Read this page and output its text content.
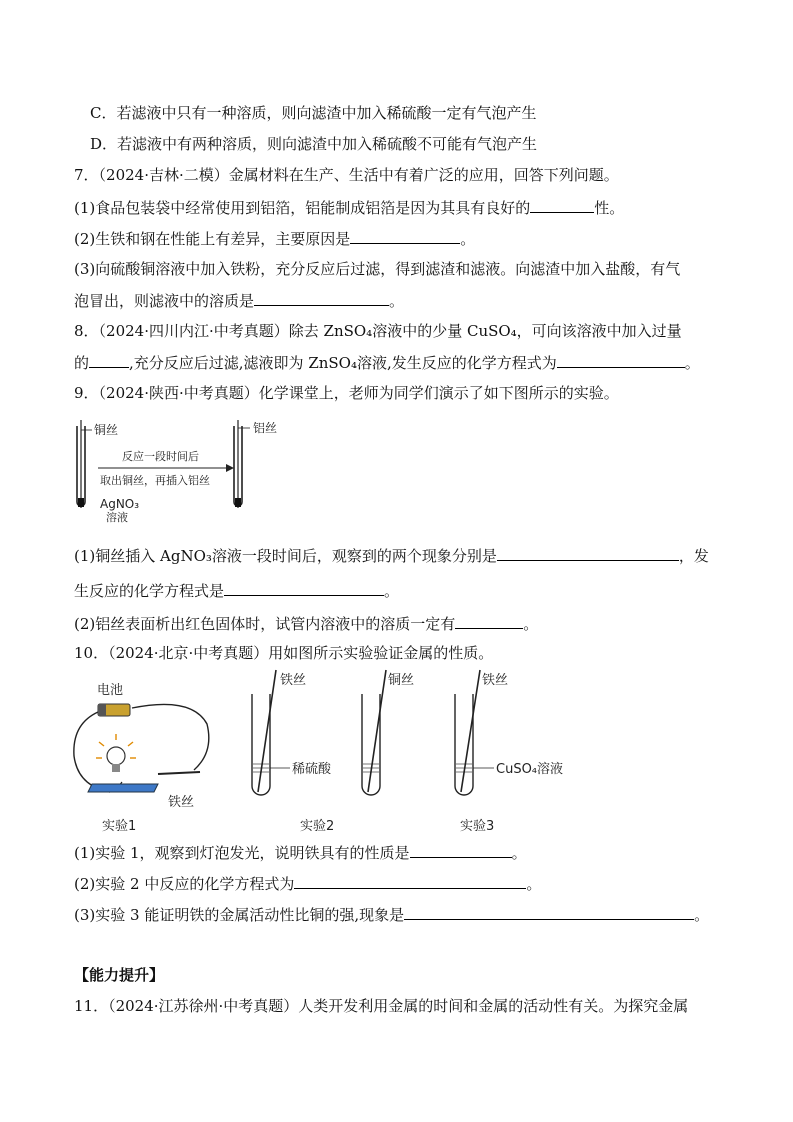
C．若滤液中只有一种溶质，则向滤渣中加入稀硫酸一定有气泡产生
D．若滤液中有两种溶质，则向滤渣中加入稀硫酸不可能有气泡产生
7．（2024·吉林·二模）金属材料在生产、生活中有着广泛的应用，回答下列问题。
(1)食品包装袋中经常使用到铝箔，铝能制成铝箔是因为其具有良好的	性。
(2)生铁和钢在性能上有差异，主要原因是	。
(3)向硫酸铜溶液中加入铁粉，充分反应后过滤，得到滤渣和滤液。向滤渣中加入盐酸，有气
泡冒出，则滤液中的溶质是	。
8．（2024·四川内江·中考真题）除去 ZnSO₄溶液中的少量 CuSO₄，可向该溶液中加入过量
的	,充分反应后过滤,滤液即为 ZnSO₄溶液,发生反应的化学方程式为	。
9．（2024·陕西·中考真题）化学课堂上，老师为同学们演示了如下图所示的实验。
铜丝
AgNO₃
溶液
反应一段时间后
取出铜丝，再插入铝丝
铝丝
(1)铜丝插入 AgNO₃溶液一段时间后，观察到的两个现象分别是	，发
生反应的化学方程式是	。
(2)铝丝表面析出红色固体时，试管内溶液中的溶质一定有	。
10．（2024·北京·中考真题）用如图所示实验验证金属的性质。
电池
铁丝
实验1
铁丝
稀硫酸
实验2
铜丝	铁丝
CuSO₄溶液
实验3
(1)实验 1，观察到灯泡发光，说明铁具有的性质是	。
(2)实验 2 中反应的化学方程式为	。
(3)实验 3 能证明铁的金属活动性比铜的强,现象是	。
【能力提升】
11．（2024·江苏徐州·中考真题）人类开发利用金属的时间和金属的活动性有关。为探究金属
